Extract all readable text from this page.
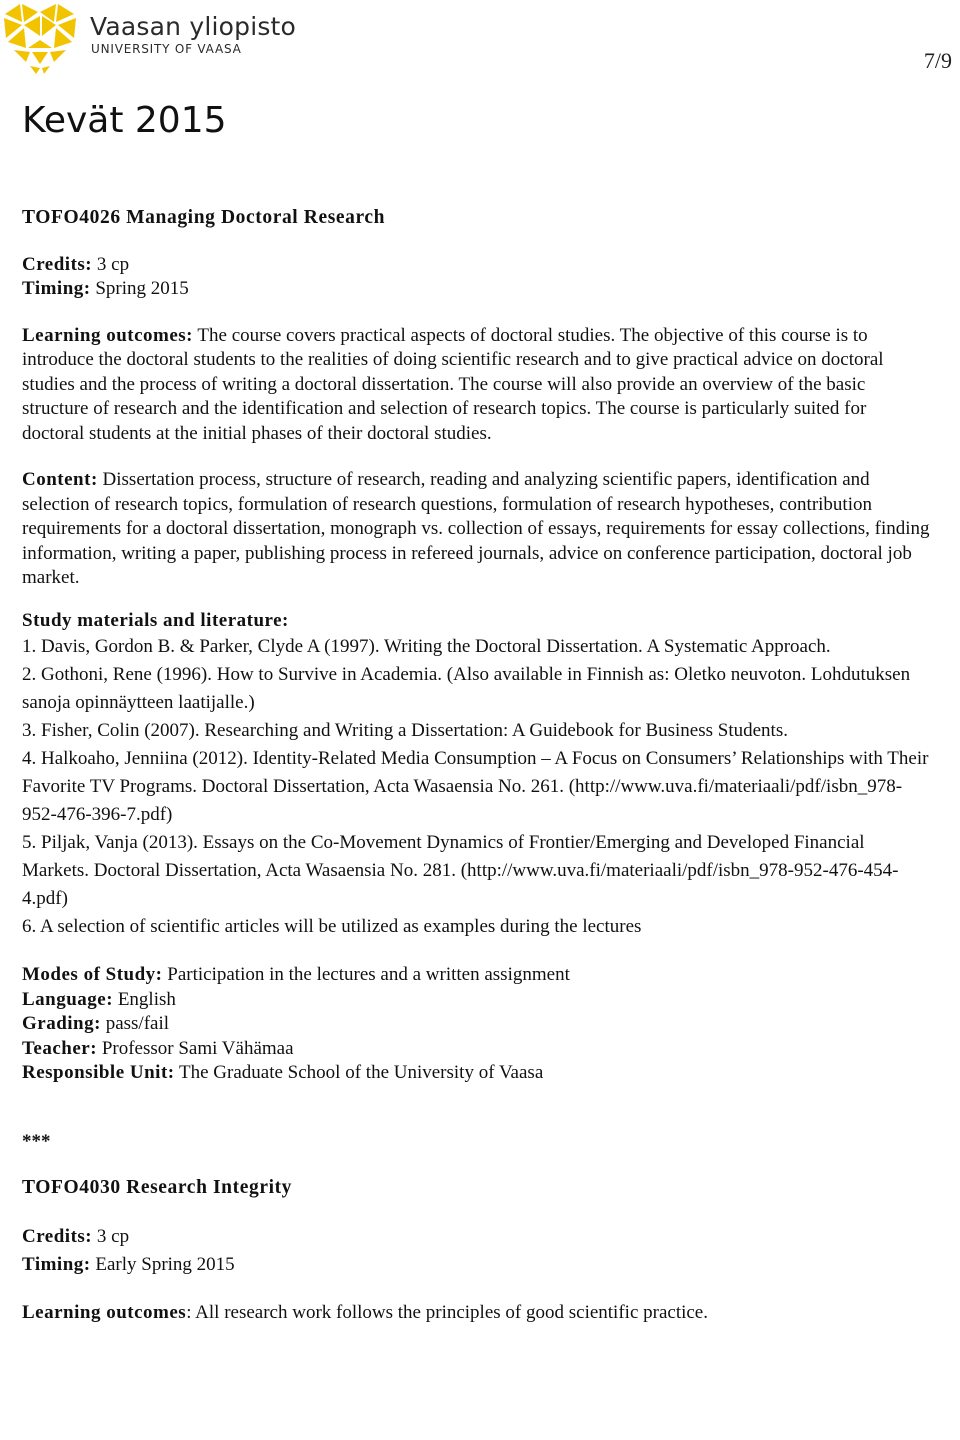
Vaasan yliopisto
UNIVERSITY OF VAASA	7/9
Kevät 2015

TOFO4026 Managing Doctoral Research

Credits: 3 cp

Timing: Spring 2015

Learning outcomes: The course covers practical aspects of doctoral studies. The objective of this course is to introduce the doctoral students to the realities of doing scientific research and to give practical advice on doctoral studies and the process of writing a doctoral dissertation. The course will also provide an overview of the basic structure of research and the identification and selection of research topics. The course is particularly suited for doctoral students at the initial phases of their doctoral studies.

Content: Dissertation process, structure of research, reading and analyzing scientific papers, identification and selection of research topics, formulation of research questions, formulation of research hypotheses, contribution requirements for a doctoral dissertation, monograph vs. collection of essays, requirements for essay collections, finding information, writing a paper, publishing process in refereed journals, advice on conference participation, doctoral job market.

Study materials and literature:

1. Davis, Gordon B. & Parker, Clyde A (1997). Writing the Doctoral Dissertation. A Systematic Approach.

2. Gothoni, Rene (1996). How to Survive in Academia. (Also available in Finnish as: Oletko neuvoton. Lohdutuksen sanoja opinnäytteen laatijalle.)

3. Fisher, Colin (2007). Researching and Writing a Dissertation: A Guidebook for Business Students.

4. Halkoaho, Jenniina (2012). Identity-Related Media Consumption – A Focus on Consumers’ Relationships with Their Favorite TV Programs. Doctoral Dissertation, Acta Wasaensia No. 261. (http://www.uva.fi/materiaali/pdf/isbn_978-952-476-396-7.pdf)

5. Piljak, Vanja (2013). Essays on the Co-Movement Dynamics of Frontier/Emerging and Developed Financial Markets. Doctoral Dissertation, Acta Wasaensia No. 281. (http://www.uva.fi/materiaali/pdf/isbn_978-952-476-454-4.pdf)

6. A selection of scientific articles will be utilized as examples during the lectures

Modes of Study: Participation in the lectures and a written assignment

Language: English

Grading: pass/fail

Teacher: Professor Sami Vähämaa

Responsible Unit: The Graduate School of the University of Vaasa

***

TOFO4030 Research Integrity

Credits: 3 cp

Timing: Early Spring 2015

Learning outcomes: All research work follows the principles of good scientific practice.
